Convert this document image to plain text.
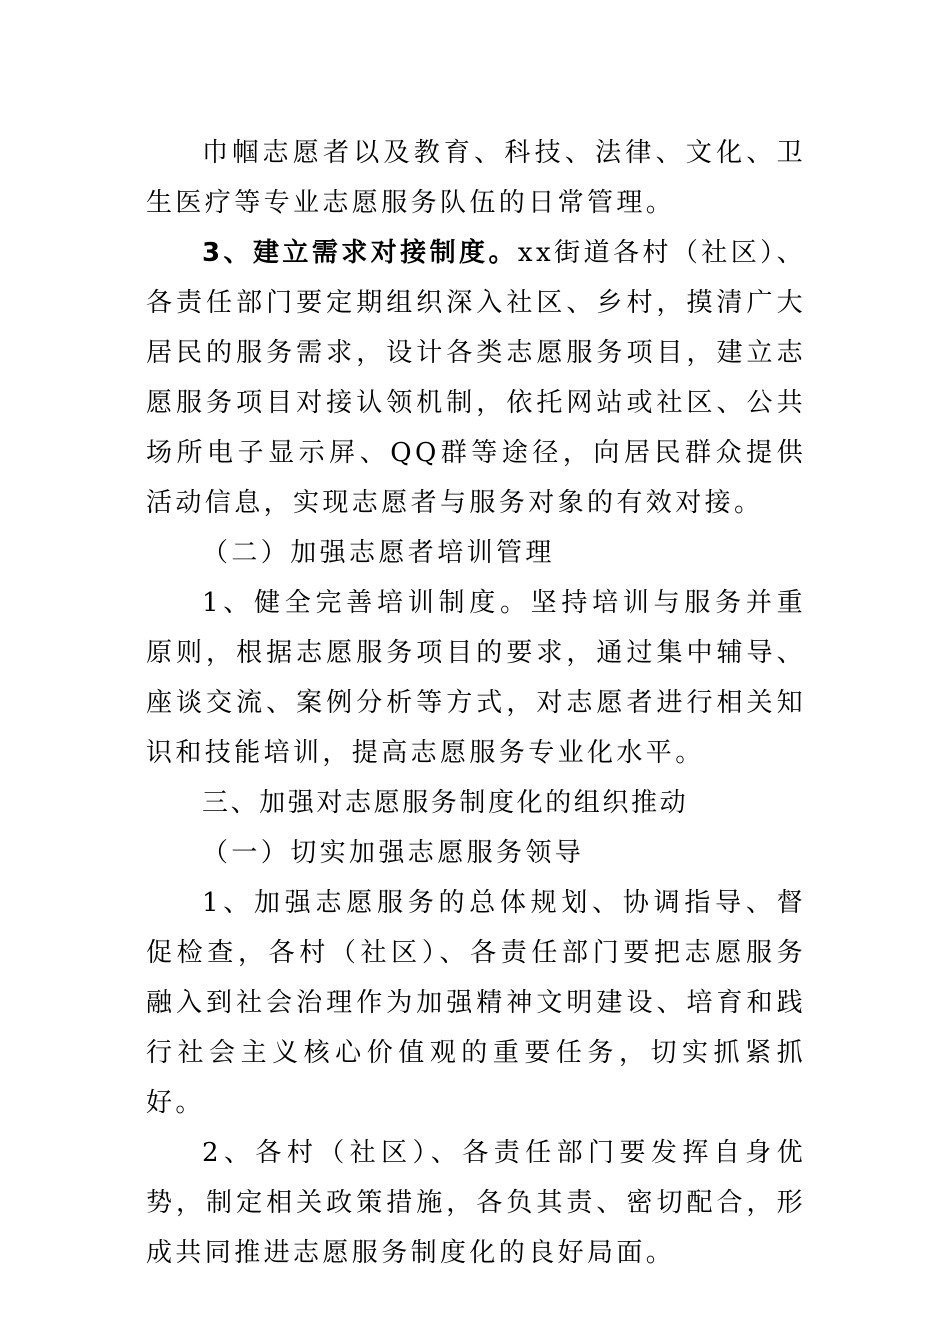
巾帼志愿者以及教育、科技、法律、文化、卫生医疗等专业志愿服务队伍的日常管理。

3、建立需求对接制度。xx街道各村（社区）、各责任部门要定期组织深入社区、乡村，摸清广大居民的服务需求，设计各类志愿服务项目，建立志愿服务项目对接认领机制，依托网站或社区、公共场所电子显示屏、QQ群等途径，向居民群众提供活动信息，实现志愿者与服务对象的有效对接。

（二）加强志愿者培训管理

1、健全完善培训制度。坚持培训与服务并重原则，根据志愿服务项目的要求，通过集中辅导、座谈交流、案例分析等方式，对志愿者进行相关知识和技能培训，提高志愿服务专业化水平。

三、加强对志愿服务制度化的组织推动

（一）切实加强志愿服务领导

1、加强志愿服务的总体规划、协调指导、督促检查，各村（社区）、各责任部门要把志愿服务融入到社会治理作为加强精神文明建设、培育和践行社会主义核心价值观的重要任务，切实抓紧抓好。

2、各村（社区）、各责任部门要发挥自身优势，制定相关政策措施，各负其责、密切配合，形成共同推进志愿服务制度化的良好局面。
